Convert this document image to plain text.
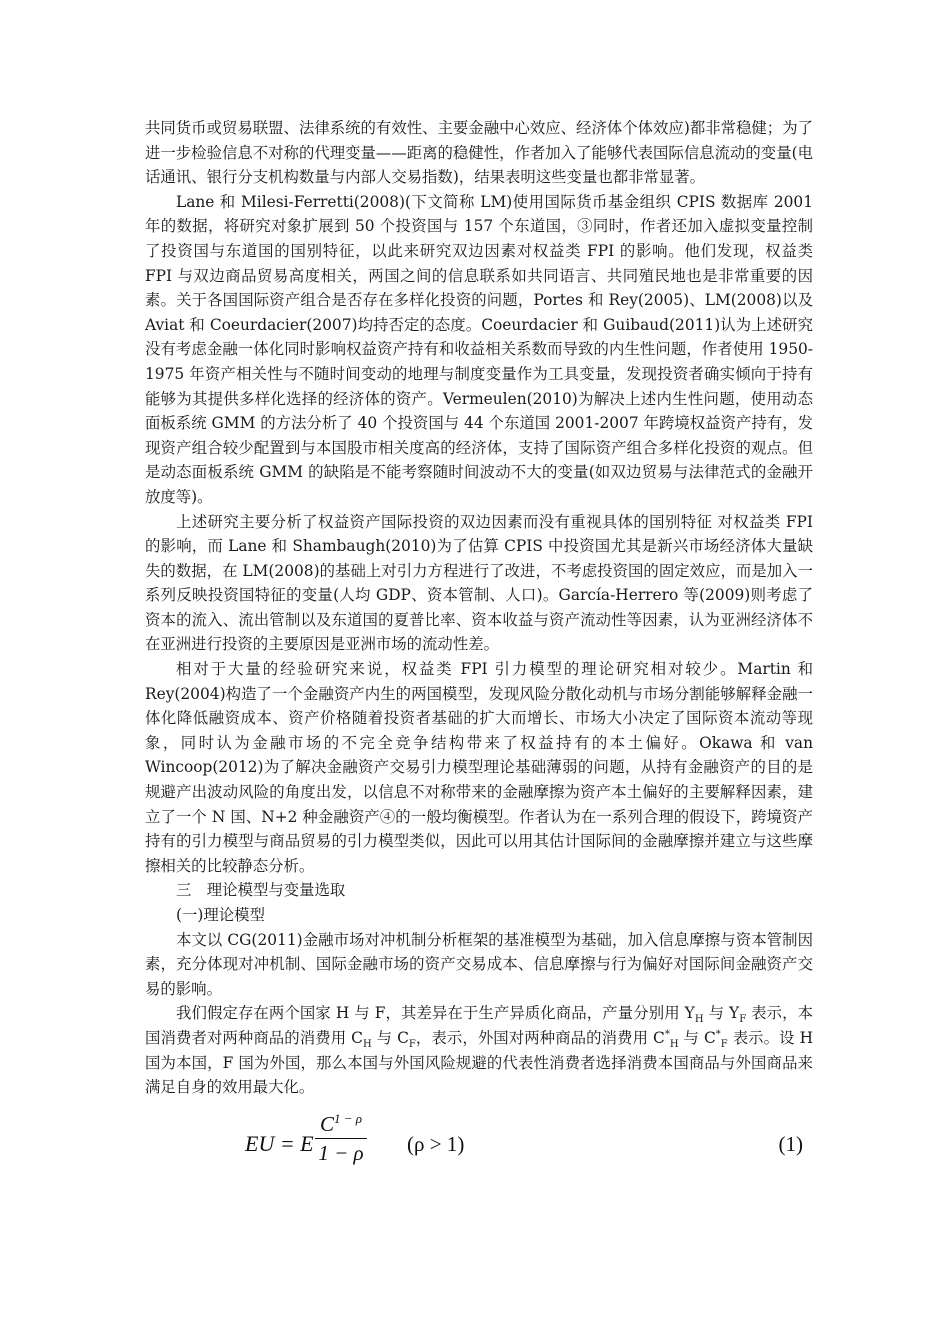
共同货币或贸易联盟、法律系统的有效性、主要金融中心效应、经济体个体效应)都非常稳健；为了进一步检验信息不对称的代理变量——距离的稳健性，作者加入了能够代表国际信息流动的变量(电话通讯、银行分支机构数量与内部人交易指数)，结果表明这些变量也都非常显著。

Lane 和 Milesi-Ferretti(2008)(下文简称 LM)使用国际货币基金组织 CPIS 数据库 2001 年的数据，将研究对象扩展到 50 个投资国与 157 个东道国，③同时，作者还加入虚拟变量控制了投资国与东道国的国别特征，以此来研究双边因素对权益类 FPI 的影响。他们发现，权益类 FPI 与双边商品贸易高度相关，两国之间的信息联系如共同语言、共同殖民地也是非常重要的因素。关于各国国际资产组合是否存在多样化投资的问题，Portes 和 Rey(2005)、LM(2008)以及 Aviat 和 Coeurdacier(2007)均持否定的态度。Coeurdacier 和 Guibaud(2011)认为上述研究没有考虑金融一体化同时影响权益资产持有和收益相关系数而导致的内生性问题，作者使用 1950-1975 年资产相关性与不随时间变动的地理与制度变量作为工具变量，发现投资者确实倾向于持有能够为其提供多样化选择的经济体的资产。Vermeulen(2010)为解决上述内生性问题，使用动态面板系统 GMM 的方法分析了 40 个投资国与 44 个东道国 2001-2007 年跨境权益资产持有，发现资产组合较少配置到与本国股市相关度高的经济体，支持了国际资产组合多样化投资的观点。但是动态面板系统 GMM 的缺陷是不能考察随时间波动不大的变量(如双边贸易与法律范式的金融开放度等)。

上述研究主要分析了权益资产国际投资的双边因素而没有重视具体的国别特征 对权益类 FPI 的影响，而 Lane 和 Shambaugh(2010)为了估算 CPIS 中投资国尤其是新兴市场经济体大量缺失的数据，在 LM(2008)的基础上对引力方程进行了改进，不考虑投资国的固定效应，而是加入一系列反映投资国特征的变量(人均 GDP、资本管制、人口)。García-Herrero 等(2009)则考虑了资本的流入、流出管制以及东道国的夏普比率、资本收益与资产流动性等因素，认为亚洲经济体不在亚洲进行投资的主要原因是亚洲市场的流动性差。

相对于大量的经验研究来说，权益类 FPI 引力模型的理论研究相对较少。Martin 和 Rey(2004)构造了一个金融资产内生的两国模型，发现风险分散化动机与市场分割能够解释金融一体化降低融资成本、资产价格随着投资者基础的扩大而增长、市场大小决定了国际资本流动等现象，同时认为金融市场的不完全竞争结构带来了权益持有的本土偏好。Okawa 和 van Wincoop(2012)为了解决金融资产交易引力模型理论基础薄弱的问题，从持有金融资产的目的是规避产出波动风险的角度出发，以信息不对称带来的金融摩擦为资产本土偏好的主要解释因素，建立了一个 N 国、N+2 种金融资产④的一般均衡模型。作者认为在一系列合理的假设下，跨境资产持有的引力模型与商品贸易的引力模型类似，因此可以用其估计国际间的金融摩擦并建立与这些摩擦相关的比较静态分析。

三　理论模型与变量选取

(一)理论模型

本文以 CG(2011)金融市场对冲机制分析框架的基准模型为基础，加入信息摩擦与资本管制因素，充分体现对冲机制、国际金融市场的资产交易成本、信息摩擦与行为偏好对国际间金融资产交易的影响。

我们假定存在两个国家 H 与 F，其差异在于生产异质化商品，产量分别用 $Y_H$ 与 $Y_F$ 表示，本国消费者对两种商品的消费用 $C_H$ 与 $C_F$，表示，外国对两种商品的消费用 $C^*_H$ 与 $C^*_F$ 表示。设 H 国为本国，F 国为外国，那么本国与外国风险规避的代表性消费者选择消费本国商品与外国商品来满足自身的效用最大化。

EU = E $\frac{C^{1 - \rho}}{1 - \rho} (\rho > 1)$	(1)
